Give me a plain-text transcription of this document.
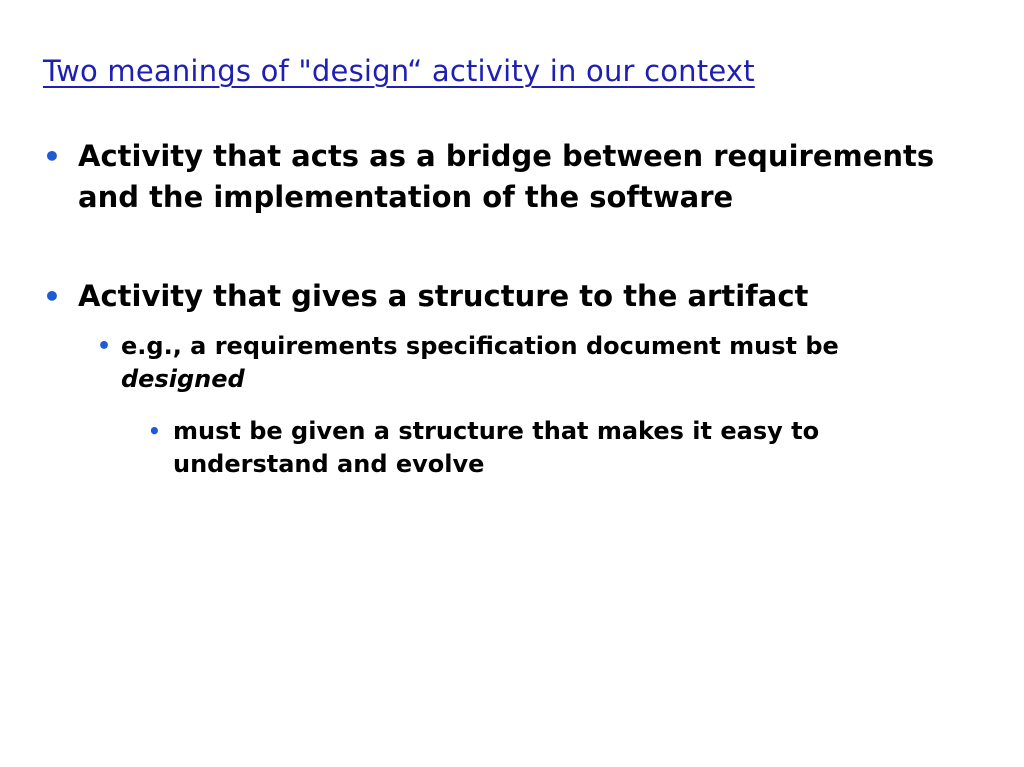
Two meanings of "design“ activity in our context
• Activity that acts as a bridge between requirements and the implementation of the software
• Activity that gives a structure to the artifact
• e.g., a requirements specification document must be designed
• must be given a structure that makes it easy to understand and evolve
